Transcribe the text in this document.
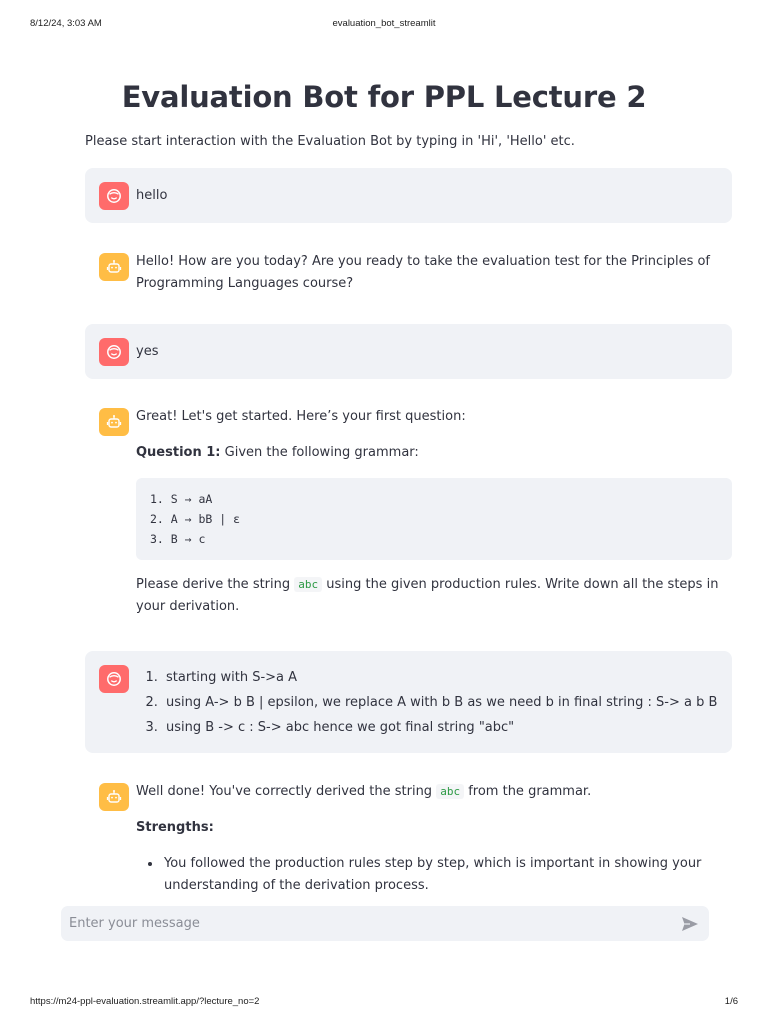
8/12/24, 3:03 AM	evaluation_bot_streamlit
Evaluation Bot for PPL Lecture 2

Please start interaction with the Evaluation Bot by typing in 'Hi', 'Hello' etc.

hello

Hello! How are you today? Are you ready to take the evaluation test for the Principles of Programming Languages course?

yes

Great! Let's get started. Here’s your first question:

Question 1: Given the following grammar:

1. S → aA
2. A → bB | ε
3. B → c

Please derive the string abc using the given production rules. Write down all the steps in your derivation.

1. starting with S->a A
2. using A-> b B | epsilon, we replace A with b B as we need b in final string : S-> a b B
3. using B -> c : S-> abc hence we got final string "abc"

Well done! You've correctly derived the string abc from the grammar.

Strengths:

• You followed the production rules step by step, which is important in showing your understanding of the derivation process.
Enter your message
https://m24-ppl-evaluation.streamlit.app/?lecture_no=2	1/6
